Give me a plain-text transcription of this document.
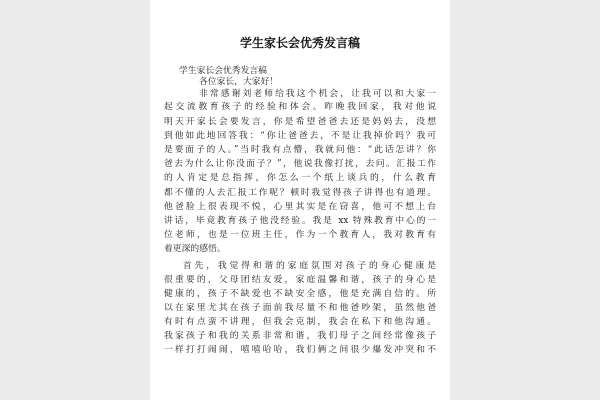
学生家长会优秀发言稿

学生家长会优秀发言稿

各位家长，大家好！

非常感谢刘老师给我这个机会，让我可以和大家一

起交流教育孩子的经验和体会。昨晚我回家，我对他说

明天开家长会要发言，你是希望爸爸去还是妈妈去，没想

到他如此地回答我：“你让爸爸去，不是让我掉价吗？我可

是要面子的人。”当时我有点懵，我就问他：“此话怎讲？你

爸去为什么让你没面子？”，他说我像打扰，去问。汇报工作

的人肯定是总指挥，你怎么一个纸上谈兵的，什么教育

都不懂的人去汇报工作呢？顿时我觉得孩子讲得也有道理。

他爸脸上很表现不悦，心里其实是在窃喜，他可不想上台

讲话，毕竟教育孩子他没经验。我是 xx 特殊教育中心的一

位老师，也是一位班主任，作为一个教育人，我对教育有

着更深的感悟。

首先，我觉得和谐的家庭氛围对孩子的身心健康是

很重要的，父母团结友爱，家庭温馨和谐，孩子的身心是

健康的，孩子不缺爱也不缺安全感，他是充满自信的。所

以在家里尤其在孩子面前我尽量不和他爸吵架，虽然他爸

有时有点蛮不讲理，但我会克制，我会在私下和他沟通。

我家孩子和我的关系非常和谐，我们母子之间经常像孩子

一样打打闹闹，嘻嘻哈哈，我们俩之间很少爆发冲突和不
